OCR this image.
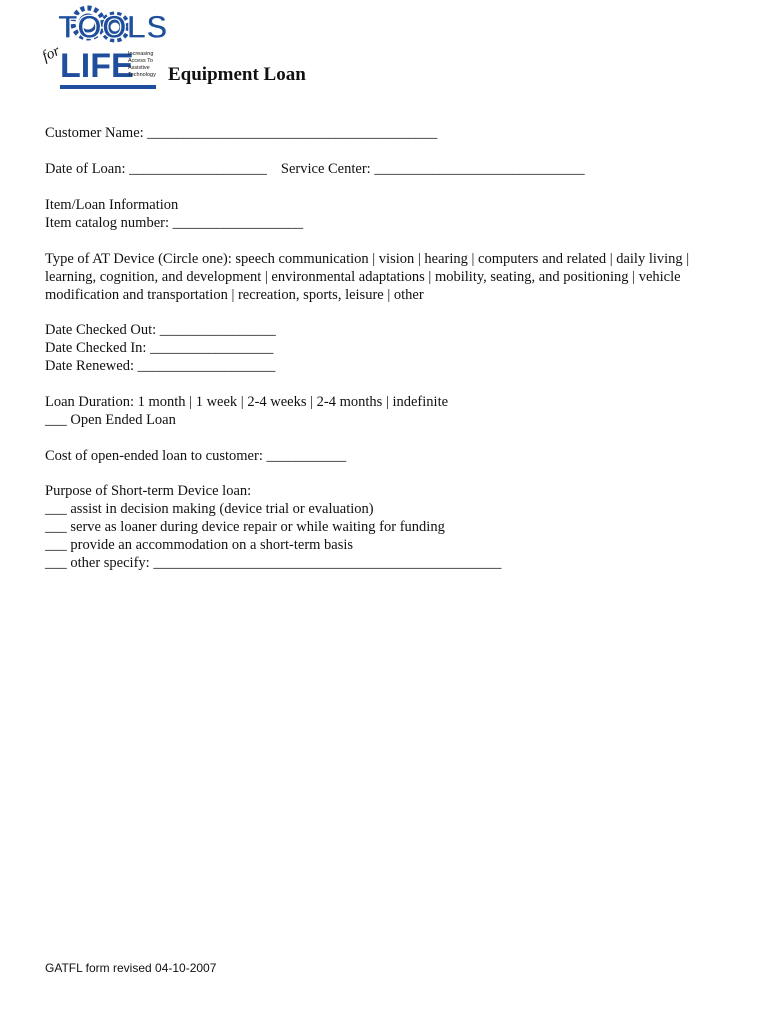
TOOLS
LIFE
for	Increasing
Access To
Assistive
Technology Equipment Loan
Customer Name: ________________________________________
Date of Loan: ___________________ Service Center: _____________________________
Item/Loan Information
Item catalog number: __________________
Type of AT Device (Circle one): speech communication | vision | hearing | computers and related | daily living | learning, cognition, and development | environmental adaptations | mobility, seating, and positioning | vehicle modification and transportation | recreation, sports, leisure | other
Date Checked Out: ________________
Date Checked In: _________________
Date Renewed: ___________________
Loan Duration: 1 month | 1 week | 2-4 weeks | 2-4 months | indefinite
___ Open Ended Loan
Cost of open-ended loan to customer: ___________
Purpose of Short-term Device loan:
___ assist in decision making (device trial or evaluation)
___ serve as loaner during device repair or while waiting for funding
___ provide an accommodation on a short-term basis
___ other specify: ________________________________________________
GATFL form revised 04-10-2007
